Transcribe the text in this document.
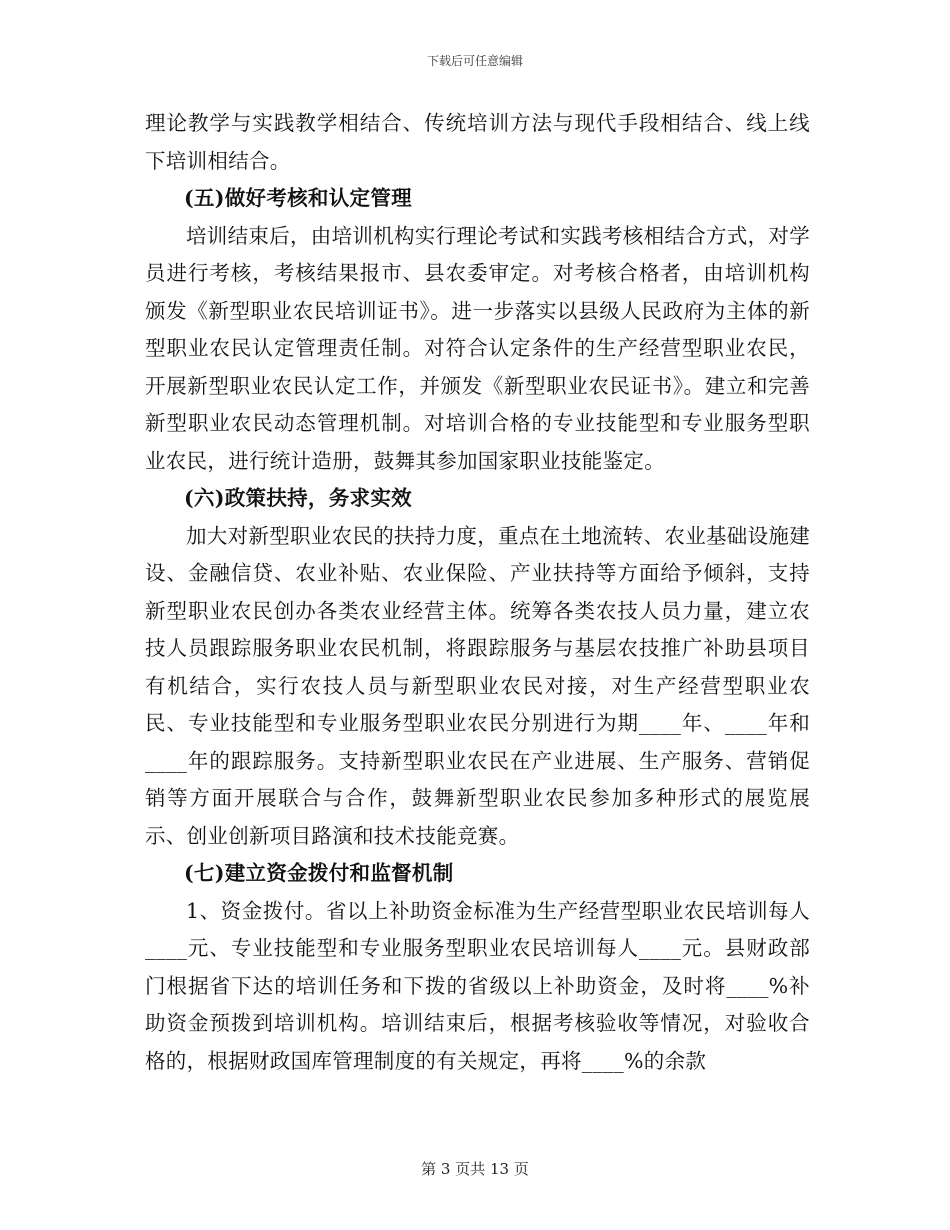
下载后可任意编辑

理论教学与实践教学相结合、传统培训方法与现代手段相结合、线上线下培训相结合。

(五)做好考核和认定管理

培训结束后，由培训机构实行理论考试和实践考核相结合方式，对学员进行考核，考核结果报市、县农委审定。对考核合格者，由培训机构颁发《新型职业农民培训证书》。进一步落实以县级人民政府为主体的新型职业农民认定管理责任制。对符合认定条件的生产经营型职业农民，开展新型职业农民认定工作，并颁发《新型职业农民证书》。建立和完善新型职业农民动态管理机制。对培训合格的专业技能型和专业服务型职业农民，进行统计造册，鼓舞其参加国家职业技能鉴定。

(六)政策扶持，务求实效

加大对新型职业农民的扶持力度，重点在土地流转、农业基础设施建设、金融信贷、农业补贴、农业保险、产业扶持等方面给予倾斜，支持新型职业农民创办各类农业经营主体。统筹各类农技人员力量，建立农技人员跟踪服务职业农民机制，将跟踪服务与基层农技推广补助县项目有机结合，实行农技人员与新型职业农民对接，对生产经营型职业农民、专业技能型和专业服务型职业农民分别进行为期____年、____年和____年的跟踪服务。支持新型职业农民在产业进展、生产服务、营销促销等方面开展联合与合作，鼓舞新型职业农民参加多种形式的展览展示、创业创新项目路演和技术技能竞赛。

(七)建立资金拨付和监督机制

1、资金拨付。省以上补助资金标准为生产经营型职业农民培训每人____元、专业技能型和专业服务型职业农民培训每人____元。县财政部门根据省下达的培训任务和下拨的省级以上补助资金，及时将____%补助资金预拨到培训机构。培训结束后，根据考核验收等情况，对验收合格的，根据财政国库管理制度的有关规定，再将____%的余款

第 3 页共 13 页
